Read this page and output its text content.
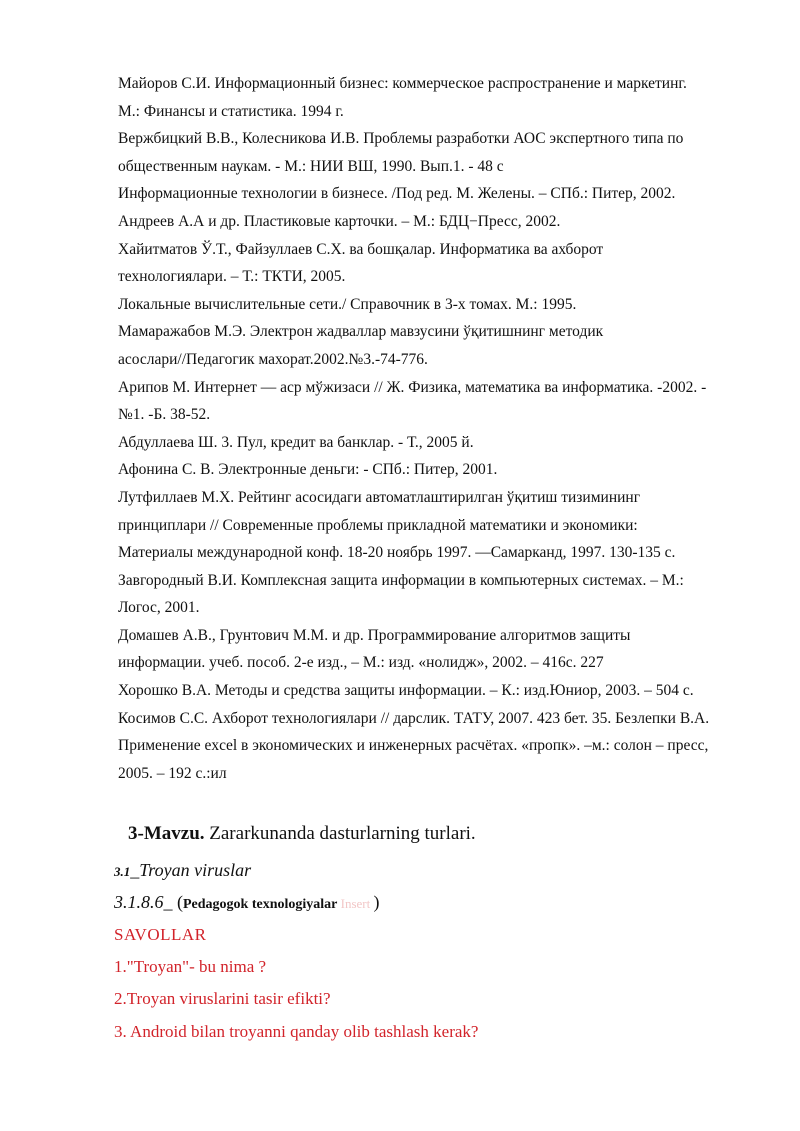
Майоров С.И. Информационный бизнес: коммерческое распространение и маркетинг.
М.: Финансы и статистика. 1994 г.
Вержбицкий В.В., Колесникова И.В. Проблемы разработки АОС экспертного типа по
общественным наукам. - М.: НИИ ВШ, 1990. Вып.1. - 48 с
Информационные технологии в бизнесе. /Под ред. М. Желены. – СПб.: Питер, 2002.
Андреев А.А и др. Пластиковые карточки. – М.: БДЦ−Пресс, 2002.
Хайитматов Ў.Т., Файзуллаев С.Х. ва бошқалар. Информатика ва ахборот
технологиялари. – Т.: ТКТИ, 2005.
Локальные вычислительные сети./ Справочник в 3-х томах. М.: 1995.
Мамаражабов М.Э. Электрон жадваллар мавзусини ўқитишнинг методик
асослари//Педагогик махорат.2002.№3.-74-776.
Арипов М. Интернет — аср мўжизаси // Ж. Физика, математика ва информатика. -2002. -
№1. -Б. 38-52.
Абдуллаева Ш. 3. Пул, кредит ва банклар. - Т., 2005 й.
Афонина С. В. Электронные деньги: - СПб.: Питер, 2001.
Лутфиллаев М.Х. Рейтинг асосидаги автоматлаштирилган ўқитиш тизимининг
принциплари // Современные проблемы прикладной математики и экономики:
Материалы международной конф. 18-20 ноябрь 1997. —Самарканд, 1997. 130-135 с.
Завгородный В.И. Комплексная защита информации в компьютерных системах. – М.:
Логос, 2001.
Домашев А.В., Грунтович М.М. и др. Программирование алгоритмов защиты
информации. учеб. пособ. 2-е изд., – М.: изд. «нолидж», 2002. – 416с. 227
Хорошко В.А. Методы и средства защиты информации. – К.: изд.Юниор, 2003. – 504 с.
Косимов С.С. Ахборот технологиялари // дарслик. ТАТУ, 2007. 423 бет. 35. Безлепки В.А.
Применение excel в экономических и инженерных расчётах. «пропк». –м.: солон – пресс,
2005. – 192 с.:ил
3-Mavzu. Zararkunanda dasturlarning turlari.
3.1_Troyan viruslar
3.1.8.6_ (Pedagogok texnologiyalar Insert )
SAVOLLAR
1."Troyan"- bu nima ?
2.Troyan viruslarini tasir efikti?
3. Android bilan troyanni qanday olib tashlash kerak?
